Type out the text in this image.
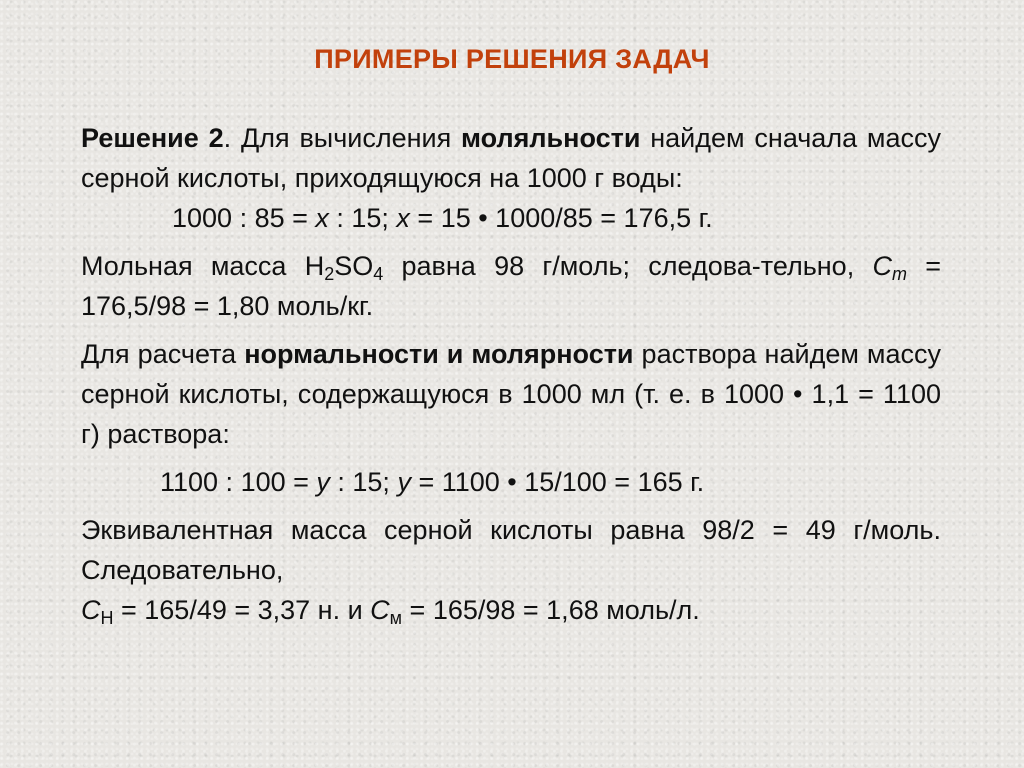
ПРИМЕРЫ РЕШЕНИЯ ЗАДАЧ

Решение 2. Для вычисления моляльности найдем сначала массу серной кислоты, приходящуюся на 1000 г воды:

1000 : 85 = x : 15; x = 15 • 1000/85 = 176,5 г.

Мольная масса $H_2SO_4$ равна 98 г/моль; следова-тельно, $C_m = 176,5/98 = 1,80$ моль/кг.

Для расчета нормальности и молярности раствора найдем массу серной кислоты, содержащуюся в 1000 мл (т. е. в 1000 • 1,1 = 1100 г) раствора:

1100 : 100 = y : 15; y = 1100 • 15/100 = 165 г.

Эквивалентная масса серной кислоты равна 98/2 = 49 г/моль. Следовательно,

$C_Н = 165/49 = 3,37$ н. и $C_м = 165/98 = 1,68$ моль/л.
